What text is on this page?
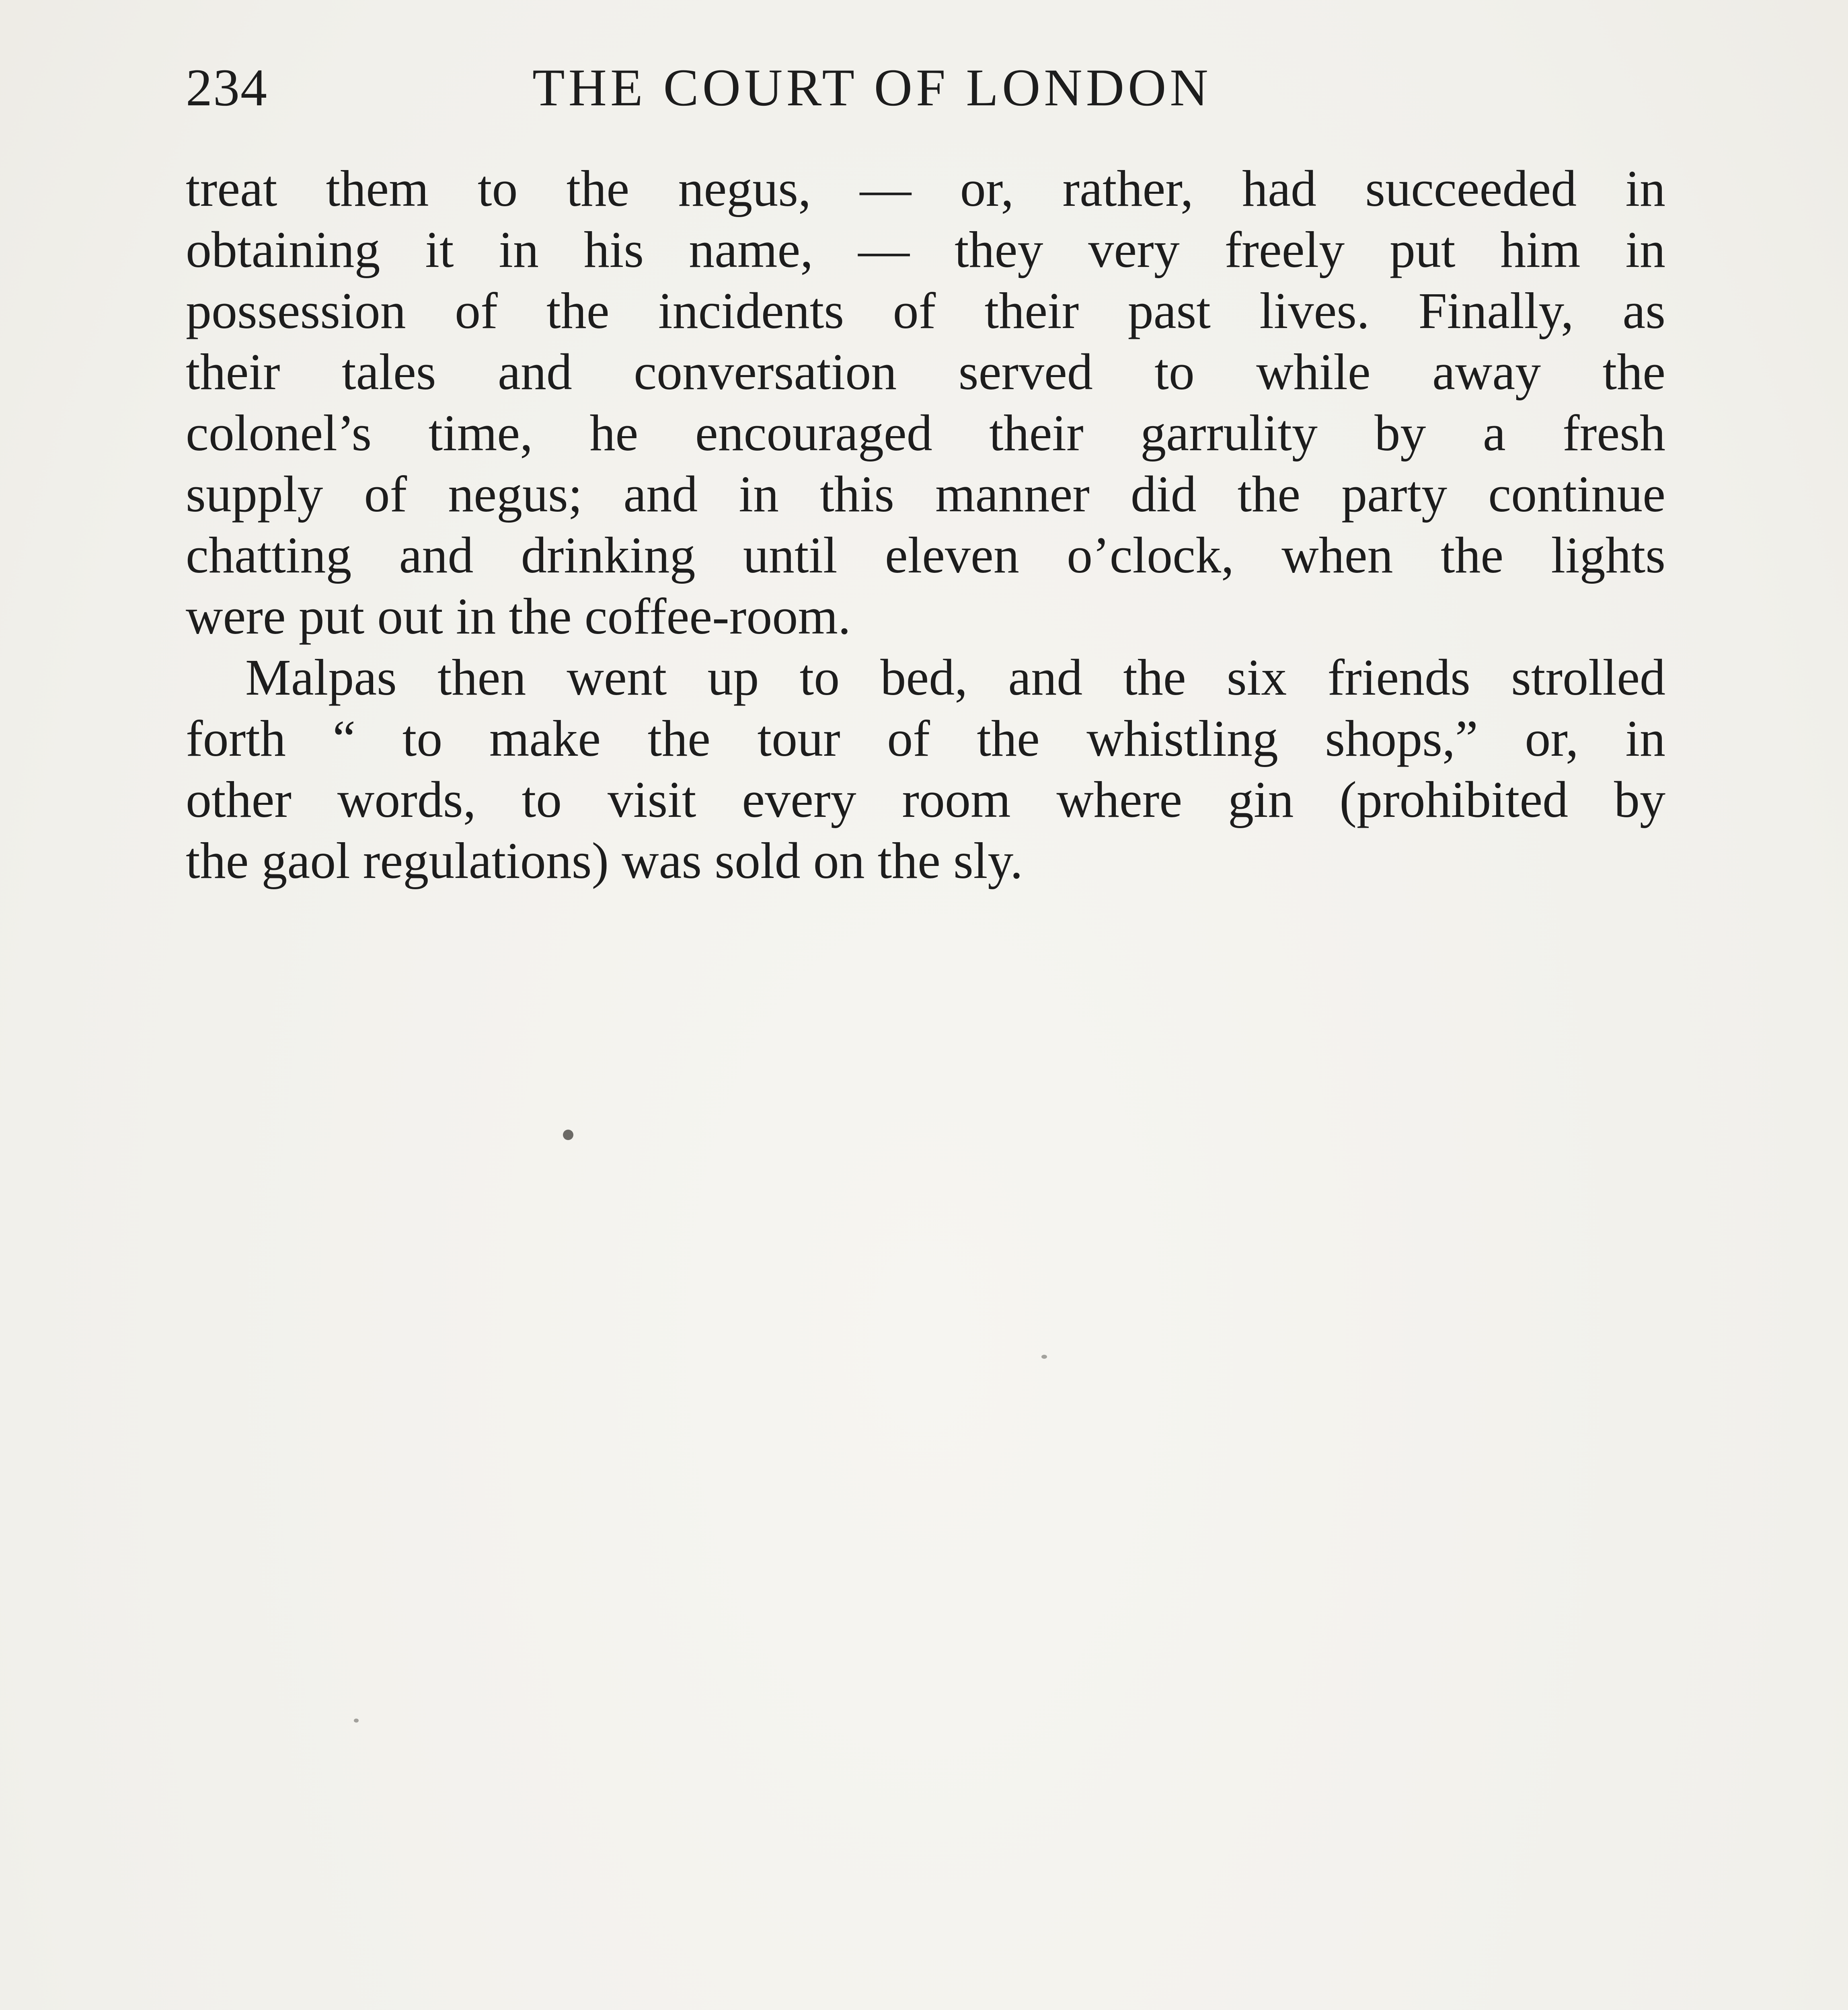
234	THE COURT OF LONDON
treat them to the negus, — or, rather, had succeeded in
obtaining it in his name, — they very freely put him in
possession of the incidents of their past lives. Finally, as
their tales and conversation served to while away the
colonel’s time, he encouraged their garrulity by a fresh
supply of negus; and in this manner did the party continue
chatting and drinking until eleven o’clock, when the lights
were put out in the coffee-room.
Malpas then went up to bed, and the six friends strolled
forth “ to make the tour of the whistling shops,” or, in
other words, to visit every room where gin (prohibited by
the gaol regulations) was sold on the sly.
